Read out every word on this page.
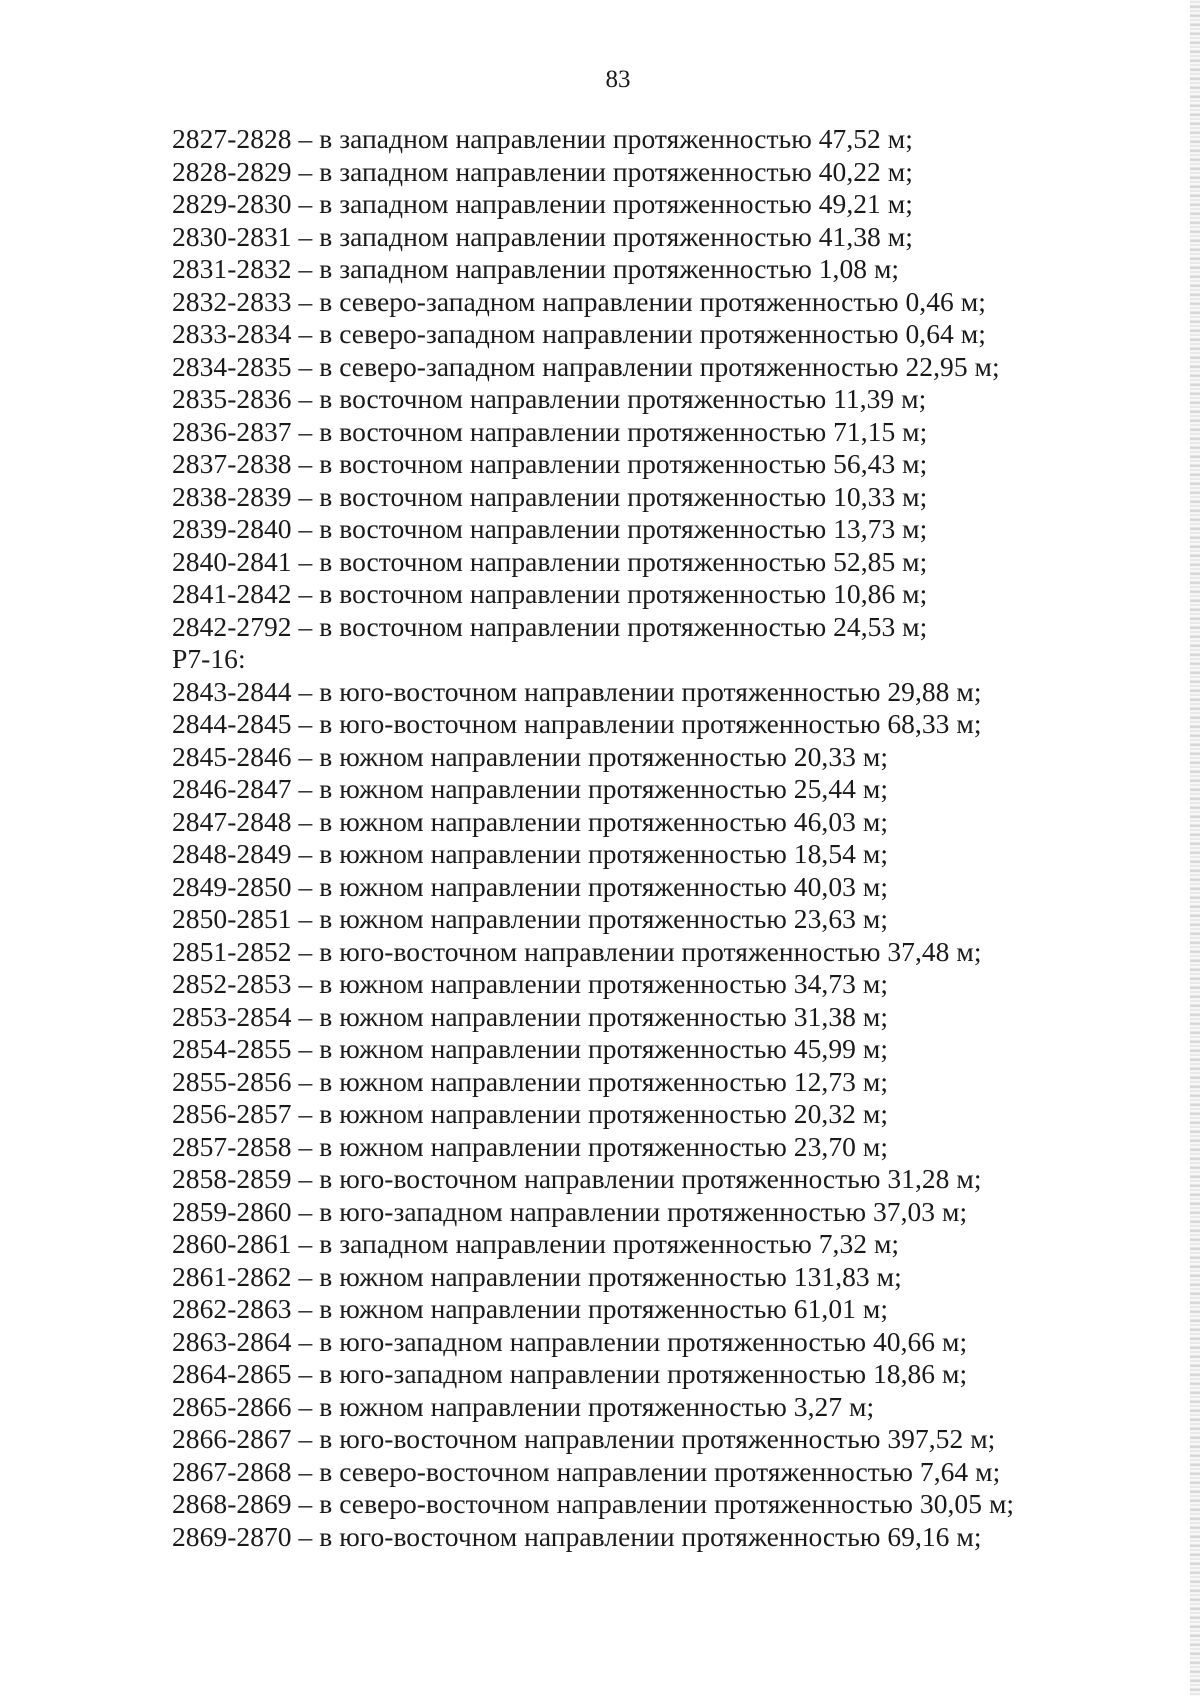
83
2827-2828 – в западном направлении протяженностью 47,52 м;
2828-2829 – в западном направлении протяженностью 40,22 м;
2829-2830 – в западном направлении протяженностью 49,21 м;
2830-2831 – в западном направлении протяженностью 41,38 м;
2831-2832 – в западном направлении протяженностью 1,08 м;
2832-2833 – в северо-западном направлении протяженностью 0,46 м;
2833-2834 – в северо-западном направлении протяженностью 0,64 м;
2834-2835 – в северо-западном направлении протяженностью 22,95 м;
2835-2836 – в восточном направлении протяженностью 11,39 м;
2836-2837 – в восточном направлении протяженностью 71,15 м;
2837-2838 – в восточном направлении протяженностью 56,43 м;
2838-2839 – в восточном направлении протяженностью 10,33 м;
2839-2840 – в восточном направлении протяженностью 13,73 м;
2840-2841 – в восточном направлении протяженностью 52,85 м;
2841-2842 – в восточном направлении протяженностью 10,86 м;
2842-2792 – в восточном направлении протяженностью 24,53 м;
Р7-16:
2843-2844 – в юго-восточном направлении протяженностью 29,88 м;
2844-2845 – в юго-восточном направлении протяженностью 68,33 м;
2845-2846 – в южном направлении протяженностью 20,33 м;
2846-2847 – в южном направлении протяженностью 25,44 м;
2847-2848 – в южном направлении протяженностью 46,03 м;
2848-2849 – в южном направлении протяженностью 18,54 м;
2849-2850 – в южном направлении протяженностью 40,03 м;
2850-2851 – в южном направлении протяженностью 23,63 м;
2851-2852 – в юго-восточном направлении протяженностью 37,48 м;
2852-2853 – в южном направлении протяженностью 34,73 м;
2853-2854 – в южном направлении протяженностью 31,38 м;
2854-2855 – в южном направлении протяженностью 45,99 м;
2855-2856 – в южном направлении протяженностью 12,73 м;
2856-2857 – в южном направлении протяженностью 20,32 м;
2857-2858 – в южном направлении протяженностью 23,70 м;
2858-2859 – в юго-восточном направлении протяженностью 31,28 м;
2859-2860 – в юго-западном направлении протяженностью 37,03 м;
2860-2861 – в западном направлении протяженностью 7,32 м;
2861-2862 – в южном направлении протяженностью 131,83 м;
2862-2863 – в южном направлении протяженностью 61,01 м;
2863-2864 – в юго-западном направлении протяженностью 40,66 м;
2864-2865 – в юго-западном направлении протяженностью 18,86 м;
2865-2866 – в южном направлении протяженностью 3,27 м;
2866-2867 – в юго-восточном направлении протяженностью 397,52 м;
2867-2868 – в северо-восточном направлении протяженностью 7,64 м;
2868-2869 – в северо-восточном направлении протяженностью 30,05 м;
2869-2870 – в юго-восточном направлении протяженностью 69,16 м;
